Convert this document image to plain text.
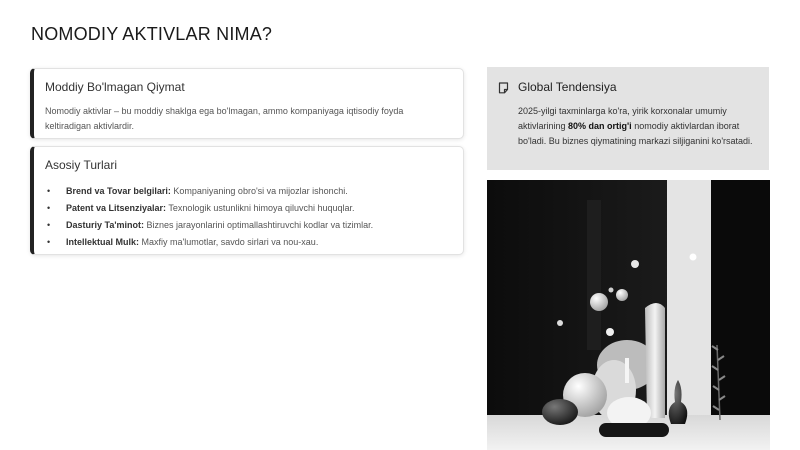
NOMODIY AKTIVLAR NIMA?
Moddiy Bo'lmagan Qiymat
Nomodiy aktivlar – bu moddiy shaklga ega bo'lmagan, ammo kompaniyaga iqtisodiy foyda keltiradigan aktivlardir.
Asosiy Turlari
• Brend va Tovar belgilari: Kompaniyaning obro'si va mijozlar ishonchi.
• Patent va Litsenziyalar: Texnologik ustunlikni himoya qiluvchi huquqlar.
• Dasturiy Ta'minot: Biznes jarayonlarini optimallashtiruvchi kodlar va tizimlar.
• Intellektual Mulk: Maxfiy ma'lumotlar, savdo sirlari va nou-xau.
Global Tendensiya
2025-yilgi taxminlarga ko'ra, yirik korxonalar umumiy aktivlarining 80% dan ortig'i nomodiy aktivlardan iborat bo'ladi. Bu biznes qiymatining markazi siljiganini ko'rsatadi.
